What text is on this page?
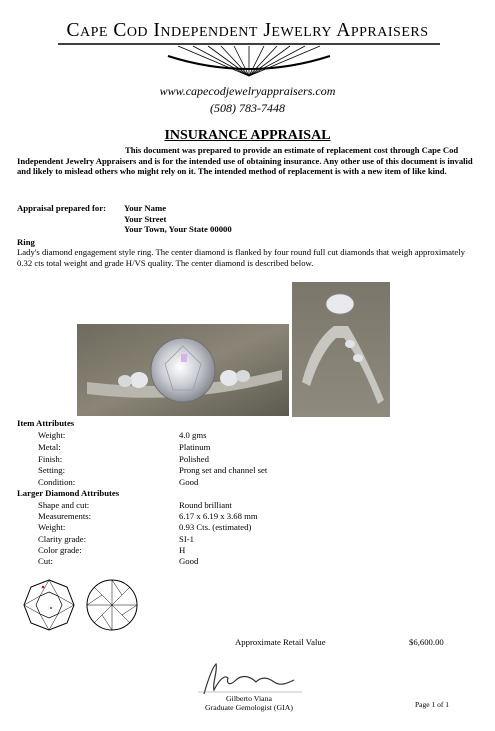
Cape Cod Independent Jewelry Appraisers
www.capecodjewelryappraisers.com
(508) 783-7448
INSURANCE APPRAISAL
This document was prepared to provide an estimate of replacement cost through Cape Cod Independent Jewelry Appraisers and is for the intended use of obtaining insurance. Any other use of this document is invalid and likely to mislead others who might rely on it. The intended method of replacement is with a new item of like kind.
Appraisal prepared for: Your Name
Your Street
Your Town, Your State 00000
Ring
Lady's diamond engagement style ring. The center diamond is flanked by four round full cut diamonds that weigh approximately 0.32 cts total weight and grade H/VS quality. The center diamond is described below.
Item Attributes
Weight:	4.0 gms
Metal:	Platinum
Finish:	Polished
Setting:	Prong set and channel set
Condition:	Good
Larger Diamond Attributes
Shape and cut:	Round brilliant
Measurements:	6.17 x 6.19 x 3.68 mm
Weight:	0.93 Cts. (estimated)
Clarity grade:	SI-1
Color grade:	H
Cut:	Good
Approximate Retail Value	$6,600.00
Gilberto Viana
Graduate Gemologist (GIA)	Page 1 of 1
